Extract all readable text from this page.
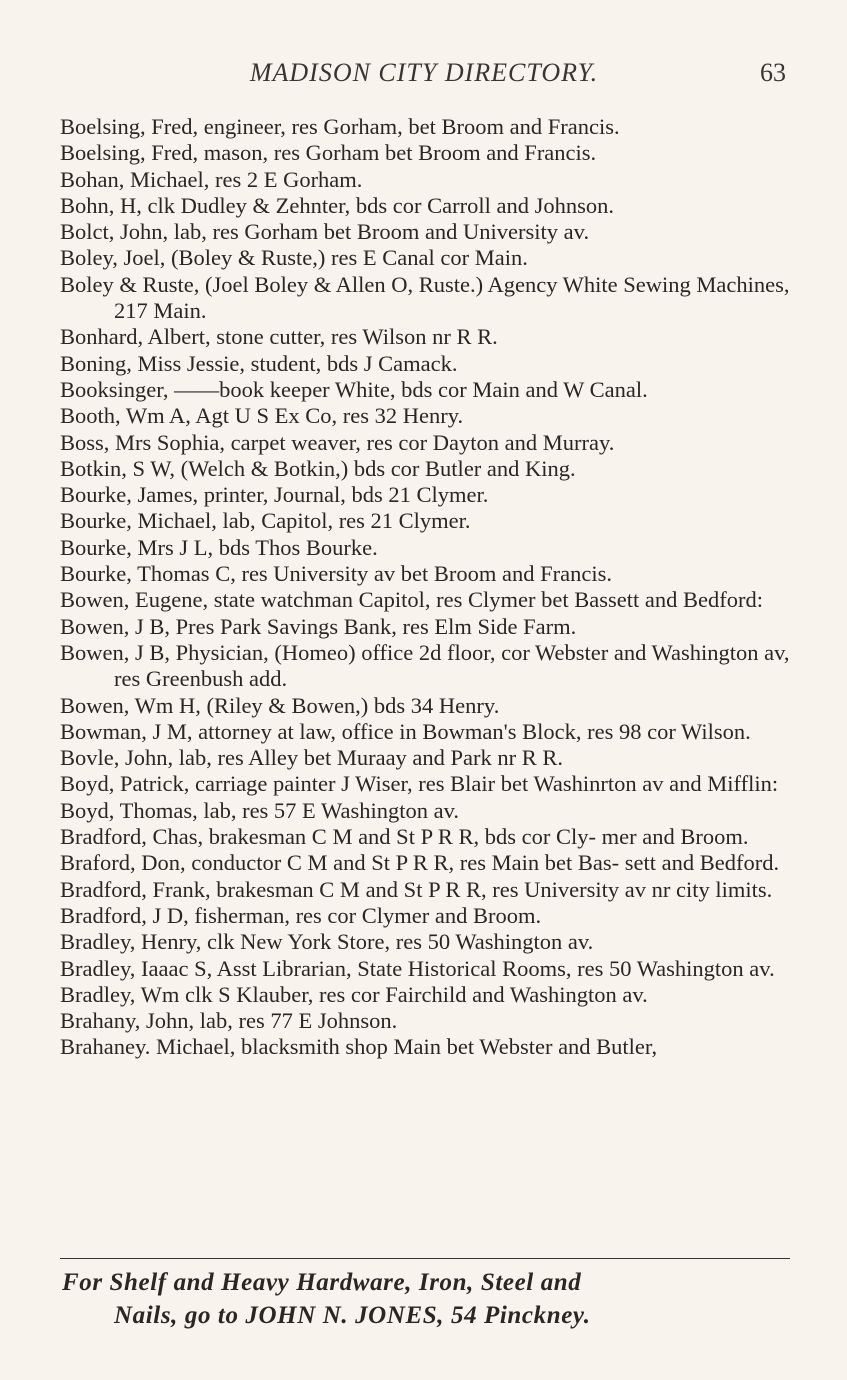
MADISON CITY DIRECTORY.	63

Boelsing, Fred, engineer, res Gorham, bet Broom and Francis.

Boelsing, Fred, mason, res Gorham bet Broom and Francis.

Bohan, Michael, res 2 E Gorham.

Bohn, H, clk Dudley & Zehnter, bds cor Carroll and Johnson.

Bolct, John, lab, res Gorham bet Broom and University av.

Boley, Joel, (Boley & Ruste,) res E Canal cor Main.

Boley & Ruste, (Joel Boley & Allen O, Ruste.) Agency White Sewing Machines, 217 Main.

Bonhard, Albert, stone cutter, res Wilson nr R R.

Boning, Miss Jessie, student, bds J Camack.

Booksinger, ——book keeper White, bds cor Main and W Canal.

Booth, Wm A, Agt U S Ex Co, res 32 Henry.

Boss, Mrs Sophia, carpet weaver, res cor Dayton and Murray.

Botkin, S W, (Welch & Botkin,) bds cor Butler and King.

Bourke, James, printer, Journal, bds 21 Clymer.

Bourke, Michael, lab, Capitol, res 21 Clymer.

Bourke, Mrs J L, bds Thos Bourke.

Bourke, Thomas C, res University av bet Broom and Francis.

Bowen, Eugene, state watchman Capitol, res Clymer bet Bassett and Bedford:

Bowen, J B, Pres Park Savings Bank, res Elm Side Farm.

Bowen, J B, Physician, (Homeo) office 2d floor, cor Webster and Washington av, res Greenbush add.

Bowen, Wm H, (Riley & Bowen,) bds 34 Henry.

Bowman, J M, attorney at law, office in Bowman's Block, res 98 cor Wilson.

Bovle, John, lab, res Alley bet Muraay and Park nr R R.

Boyd, Patrick, carriage painter J Wiser, res Blair bet Washinrton av and Mifflin:

Boyd, Thomas, lab, res 57 E Washington av.

Bradford, Chas, brakesman C M and St P R R, bds cor Cly- mer and Broom.

Braford, Don, conductor C M and St P R R, res Main bet Bas- sett and Bedford.

Bradford, Frank, brakesman C M and St P R R, res University av nr city limits.

Bradford, J D, fisherman, res cor Clymer and Broom.

Bradley, Henry, clk New York Store, res 50 Washington av.

Bradley, Iaaac S, Asst Librarian, State Historical Rooms, res 50 Washington av.

Bradley, Wm clk S Klauber, res cor Fairchild and Washington av.

Brahany, John, lab, res 77 E Johnson.

Brahaney. Michael, blacksmith shop Main bet Webster and Butler,

For Shelf and Heavy Hardware, Iron, Steel and
Nails, go to JOHN N. JONES, 54 Pinckney.
